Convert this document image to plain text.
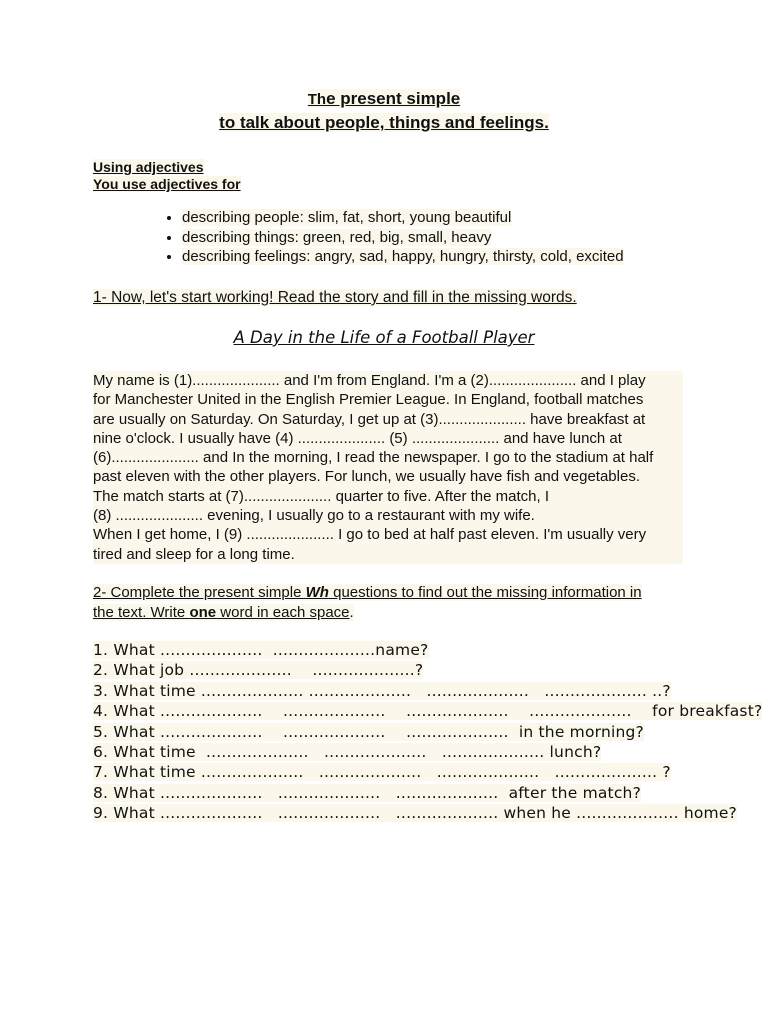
The present simple
to talk about people, things and feelings.
Using adjectives
You use adjectives for
• describing people: slim, fat, short, young beautiful
• describing things: green, red, big, small, heavy
• describing feelings: angry, sad, happy, hungry, thirsty, cold, excited
1- Now, let's start working! Read the story and fill in the missing words.
A Day in the Life of a Football Player

My name is (1)..................... and I'm from England. I'm a (2)..................... and I play

for Manchester United in the English Premier League. In England, football matches

are usually on Saturday. On Saturday, I get up at (3)..................... have breakfast at

nine o'clock. I usually have (4) ..................... (5) ..................... and have lunch at

(6)..................... and In the morning, I read the newspaper. I go to the stadium at half

past eleven with the other players. For lunch, we usually have fish and vegetables.

The match starts at (7)..................... quarter to five. After the match, I

(8) ..................... evening, I usually go to a restaurant with my wife.

When I get home, I (9) ..................... I go to bed at half past eleven. I'm usually very

tired and sleep for a long time.

2- Complete the present simple Wh questions to find out the missing information in
the text. Write one word in each space.
1. What ....................  ....................name?
2. What job ....................    ....................?
3. What time .................... ....................   ....................   .................... ..?
4. What ....................    ....................    ....................    ....................    for breakfast?
5. What ....................    ....................    ....................  in the morning?
6. What time  ....................   ....................   .................... lunch?
7. What time ....................   ....................   ....................   .................... ?
8. What ....................   ....................   ....................  after the match?
9. What ....................   ....................   .................... when he .................... home?
